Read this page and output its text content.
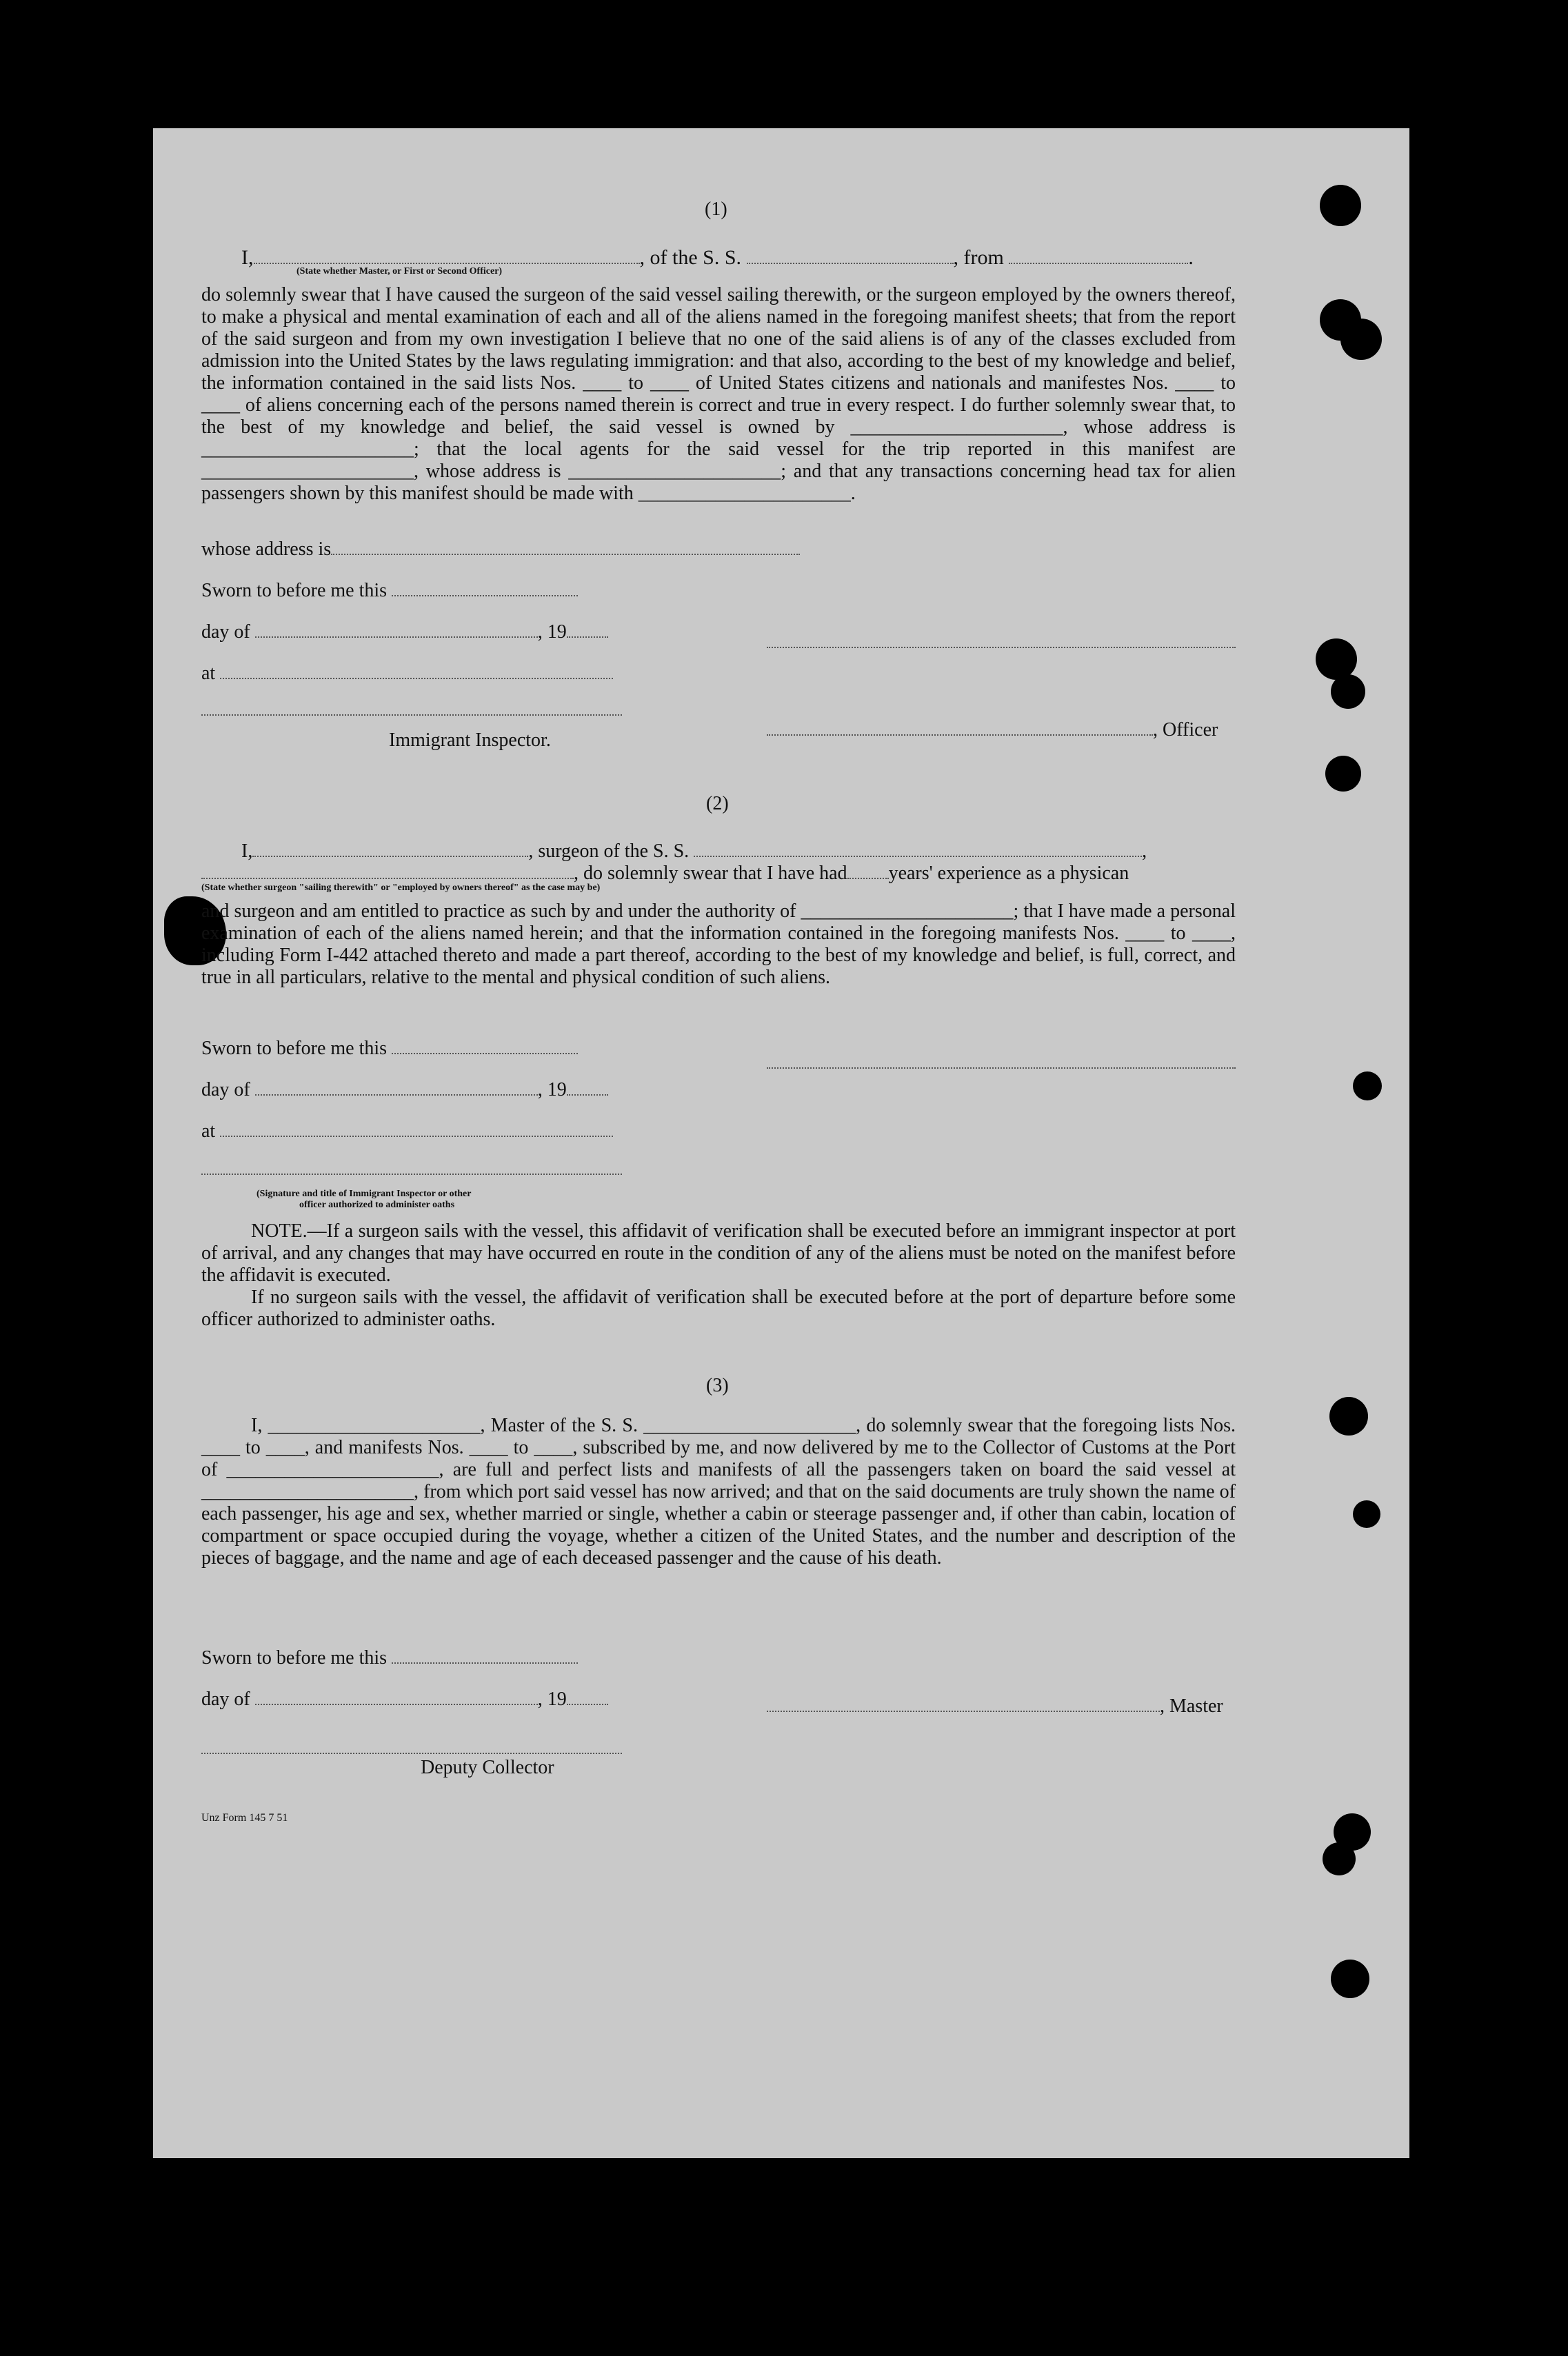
(1)
I,	, of the S. S.	, from	.
(State whether Master, or First or Second Officer)
do solemnly swear that I have caused the surgeon of the said vessel sailing therewith, or the surgeon employed by the owners thereof, to make a physical and mental examination of each and all of the aliens named in the foregoing manifest sheets; that from the report of the said surgeon and from my own investigation I believe that no one of the said aliens is of any of the classes excluded from admission into the United States by the laws regulating immigration: and that also, according to the best of my knowledge and belief, the information contained in the said lists Nos. ____ to ____ of United States citizens and nationals and manifestes Nos. ____ to ____ of aliens concerning each of the persons named therein is correct and true in every respect. I do further solemnly swear that, to the best of my knowledge and belief, the said vessel is owned by ______________________, whose address is ______________________; that the local agents for the said vessel for the trip reported in this manifest are ______________________, whose address is ______________________; and that any transactions concerning head tax for alien passengers shown by this manifest should be made with ______________________.
whose address is
Sworn to before me this
day of	, 19
at
, Officer
Immigrant Inspector.
(2)
I,	, surgeon of the S. S.	,
, do solemnly swear that I have had years' experience as a physican
(State whether surgeon "sailing therewith" or "employed by owners thereof" as the case may be)
and surgeon and am entitled to practice as such by and under the authority of ______________________; that I have made a personal examination of each of the aliens named herein; and that the information contained in the foregoing manifests Nos. ____ to ____, including Form I-442 attached thereto and made a part thereof, according to the best of my knowledge and belief, is full, correct, and true in all particulars, relative to the mental and physical condition of such aliens.
Sworn to before me this
day of	, 19
at
(Signature and title of Immigrant Inspector or other
officer authorized to administer oaths
NOTE.—If a surgeon sails with the vessel, this affidavit of verification shall be executed before an immigrant inspector at port of arrival, and any changes that may have occurred en route in the condition of any of the aliens must be noted on the manifest before the affidavit is executed.
If no surgeon sails with the vessel, the affidavit of verification shall be executed before at the port of departure before some officer authorized to administer oaths.
(3)
I, ______________________, Master of the S. S. ______________________, do solemnly swear that the foregoing lists Nos. ____ to ____, and manifests Nos. ____ to ____, subscribed by me, and now delivered by me to the Collector of Customs at the Port of ______________________, are full and perfect lists and manifests of all the passengers taken on board the said vessel at ______________________, from which port said vessel has now arrived; and that on the said documents are truly shown the name of each passenger, his age and sex, whether married or single, whether a cabin or steerage passenger and, if other than cabin, location of compartment or space occupied during the voyage, whether a citizen of the United States, and the number and description of the pieces of baggage, and the name and age of each deceased passenger and the cause of his death.
Sworn to before me this
day of	, 19	, Master
Deputy Collector
Unz Form 145 7 51
